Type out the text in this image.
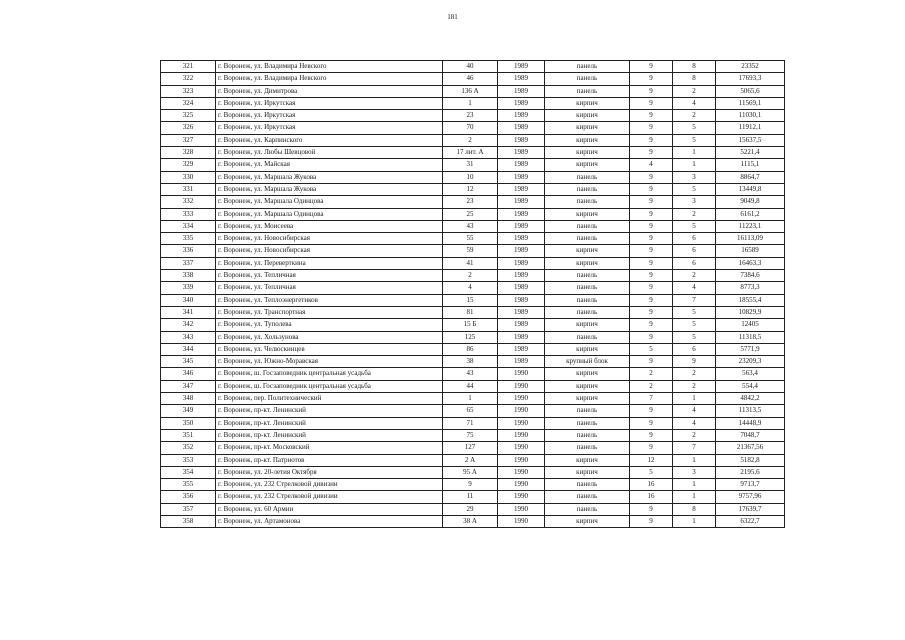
181
321	г. Воронеж, ул. Владимира Невского	40	1989	панель	9	8	23352
322	г. Воронеж, ул. Владимира Невского	46	1989	панель	9	8	17693,3
323	г. Воронеж, ул. Димитрова	136 А	1989	панель	9	2	5065,6
324	г. Воронеж, ул. Иркутская	1	1989	кирпич	9	4	11569,1
325	г. Воронеж, ул. Иркутская	23	1989	кирпич	9	2	11030,1
326	г. Воронеж, ул. Иркутская	70	1989	кирпич	9	5	11912,1
327	г. Воронеж, ул. Карпинского	2	1989	кирпич	9	5	15637,5
328	г. Воронеж, ул. Любы Шевцовой	17 лит. А	1989	кирпич	9	1	5221,4
329	г. Воронеж, ул. Майская	31	1989	кирпич	4	1	1115,1
330	г. Воронеж, ул. Маршала Жукова	10	1989	панель	9	3	8864,7
331	г. Воронеж, ул. Маршала Жукова	12	1989	панель	9	5	13449,8
332	г. Воронеж, ул. Маршала Одинцова	23	1989	панель	9	3	9049,8
333	г. Воронеж, ул. Маршала Одинцова	25	1989	кирпич	9	2	6161,2
334	г. Воронеж, ул. Моисеева	43	1989	панель	9	5	11223,1
335	г. Воронеж, ул. Новосибирская	55	1989	панель	9	6	16113,09
336	г. Воронеж, ул. Новосибирская	59	1989	кирпич	9	6	16589
337	г. Воронеж, ул. Переверткина	41	1989	кирпич	9	6	16463,3
338	г. Воронеж, ул. Тепличная	2	1989	панель	9	2	7384,6
339	г. Воронеж, ул. Тепличная	4	1989	панель	9	4	8773,3
340	г. Воронеж, ул. Теплоэнергетиков	15	1989	панель	9	7	18555,4
341	г. Воронеж, ул. Транспортная	81	1989	панель	9	5	10829,9
342	г. Воронеж, ул. Туполева	15 Б	1989	кирпич	9	5	12405
343	г. Воронеж, ул. Хользунова	125	1989	панель	9	5	11318,5
344	г. Воронеж, ул. Челюскинцев	86	1989	кирпич	5	6	5771,9
345	г. Воронеж, ул. Южно-Моравская	38	1989	крупный блок	9	9	23209,3
346	г. Воронеж, ш. Госзаповедник центральная усадьба	43	1990	кирпич	2	2	563,4
347	г. Воронеж, ш. Госзаповедник центральная усадьба	44	1990	кирпич	2	2	554,4
348	г. Воронеж, пер. Политехнический	1	1990	кирпич	7	1	4842,2
349	г. Воронеж, пр-кт. Ленинский	65	1990	панель	9	4	11313,5
350	г. Воронеж, пр-кт. Ленинский	71	1990	панель	9	4	14448,9
351	г. Воронеж, пр-кт. Ленинский	75	1990	панель	9	2	7048,7
352	г. Воронеж, пр-кт. Московский	127	1990	панель	9	7	21367,56
353	г. Воронеж, пр-кт. Патриотов	2 А	1990	кирпич	12	1	5182,8
354	г. Воронеж, ул. 20-летия Октября	95 А	1990	кирпич	5	3	2195,6
355	г. Воронеж, ул. 232 Стрелковой дивизии	9	1990	панель	16	1	9713,7
356	г. Воронеж, ул. 232 Стрелковой дивизии	11	1990	панель	16	1	9757,96
357	г. Воронеж, ул. 60 Армии	29	1990	панель	9	8	17639,7
358	г. Воронеж, ул. Артамонова	38 А	1990	кирпич	9	1	6322,7
